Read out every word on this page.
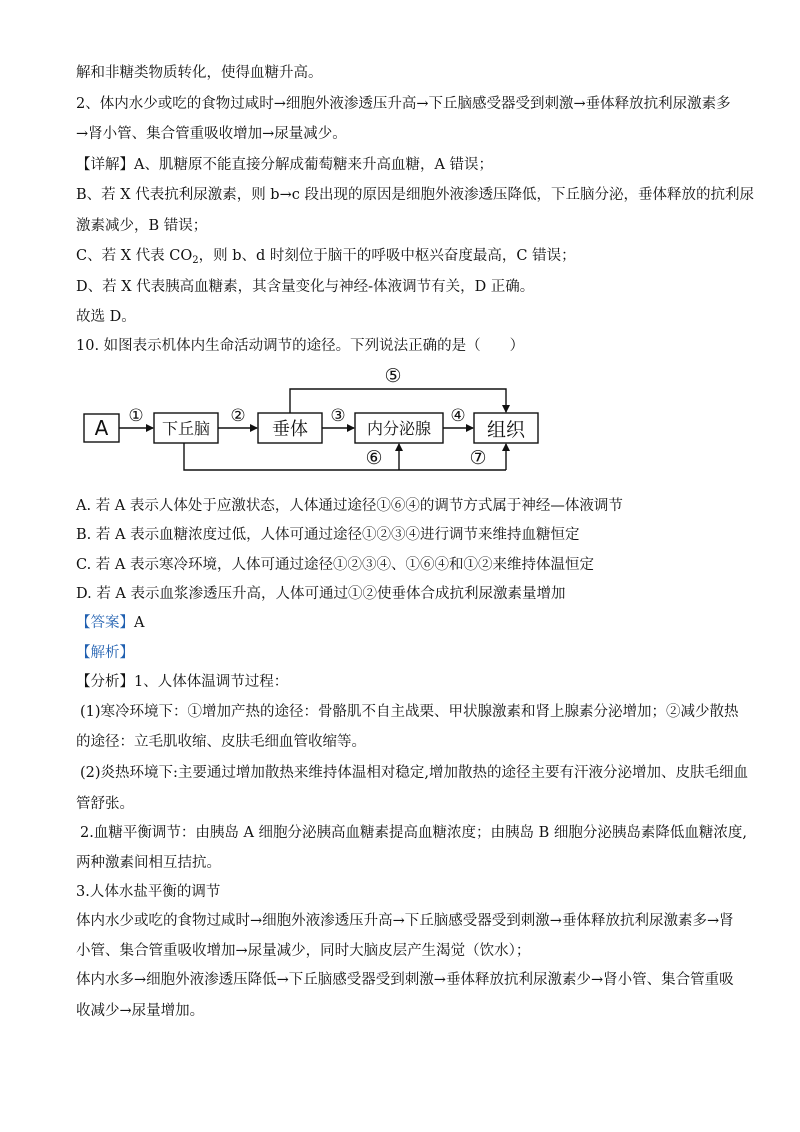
解和非糖类物质转化，使得血糖升高。
2、体内水少或吃的食物过咸时→细胞外液渗透压升高→下丘脑感受器受到刺激→垂体释放抗利尿激素多
→肾小管、集合管重吸收增加→尿量减少。
【详解】A、肌糖原不能直接分解成葡萄糖来升高血糖，A 错误；
B、若 X 代表抗利尿激素，则 b→c 段出现的原因是细胞外液渗透压降低，下丘脑分泌，垂体释放的抗利尿
激素减少，B 错误；
C、若 X 代表 $CO_2$，则 b、d 时刻位于脑干的呼吸中枢兴奋度最高，C 错误；
D、若 X 代表胰高血糖素，其含量变化与神经-体液调节有关，D 正确。
故选 D。
10. 如图表示机体内生命活动调节的途径。下列说法正确的是（　　）
A	下丘脑	垂体	内分泌腺	组织
①	②	③	④
⑤
⑥	⑦
A. 若 A 表示人体处于应激状态，人体通过途径①⑥④的调节方式属于神经—体液调节
B. 若 A 表示血糖浓度过低，人体可通过途径①②③④进行调节来维持血糖恒定
C. 若 A 表示寒冷环境，人体可通过途径①②③④、①⑥④和①②来维持体温恒定
D. 若 A 表示血浆渗透压升高，人体可通过①②使垂体合成抗利尿激素量增加
【答案】A
【解析】
【分析】1、人体体温调节过程：
(1)寒冷环境下：①增加产热的途径：骨骼肌不自主战栗、甲状腺激素和肾上腺素分泌增加；②减少散热
的途径：立毛肌收缩、皮肤毛细血管收缩等。
(2)炎热环境下:主要通过增加散热来维持体温相对稳定,增加散热的途径主要有汗液分泌增加、皮肤毛细血
管舒张。
2.血糖平衡调节：由胰岛 A 细胞分泌胰高血糖素提高血糖浓度；由胰岛 B 细胞分泌胰岛素降低血糖浓度,
两种激素间相互拮抗。
3.人体水盐平衡的调节
体内水少或吃的食物过咸时→细胞外液渗透压升高→下丘脑感受器受到刺激→垂体释放抗利尿激素多→肾
小管、集合管重吸收增加→尿量减少，同时大脑皮层产生渴觉（饮水）；
体内水多→细胞外液渗透压降低→下丘脑感受器受到刺激→垂体释放抗利尿激素少→肾小管、集合管重吸
收减少→尿量增加。
